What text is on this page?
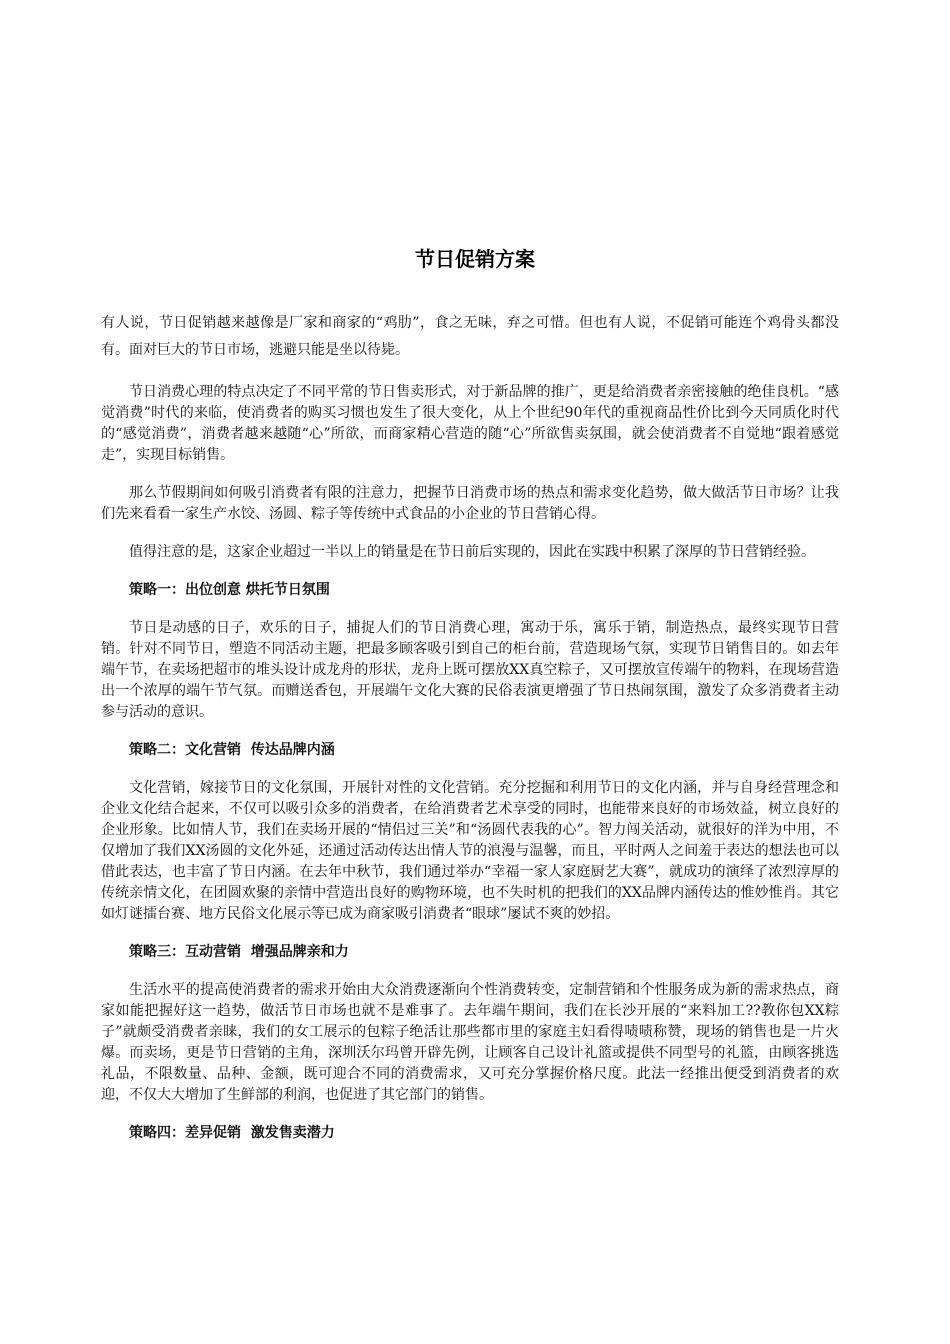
节日促销方案

有人说，节日促销越来越像是厂家和商家的“鸡肋”，食之无味，弃之可惜。但也有人说，不促销可能连个鸡骨头都没有。面对巨大的节日市场，逃避只能是坐以待毙。

节日消费心理的特点决定了不同平常的节日售卖形式，对于新品牌的推广，更是给消费者亲密接触的绝佳良机。“感觉消费”时代的来临，使消费者的购买习惯也发生了很大变化，从上个世纪90年代的重视商品性价比到今天同质化时代的“感觉消费”，消费者越来越随“心”所欲，而商家精心营造的随“心”所欲售卖氛围，就会使消费者不自觉地“跟着感觉走”，实现目标销售。

那么节假期间如何吸引消费者有限的注意力，把握节日消费市场的热点和需求变化趋势，做大做活节日市场？让我们先来看看一家生产水饺、汤圆、粽子等传统中式食品的小企业的节日营销心得。

值得注意的是，这家企业超过一半以上的销量是在节日前后实现的，因此在实践中积累了深厚的节日营销经验。

策略一：出位创意 烘托节日氛围

节日是动感的日子，欢乐的日子，捕捉人们的节日消费心理，寓动于乐，寓乐于销，制造热点，最终实现节日营销。针对不同节日，塑造不同活动主题，把最多顾客吸引到自己的柜台前，营造现场气氛，实现节日销售目的。如去年端午节，在卖场把超市的堆头设计成龙舟的形状，龙舟上既可摆放XX真空粽子，又可摆放宣传端午的物料，在现场营造出一个浓厚的端午节气氛。而赠送香包，开展端午文化大赛的民俗表演更增强了节日热闹氛围，激发了众多消费者主动参与活动的意识。

策略二：文化营销  传达品牌内涵

文化营销，嫁接节日的文化氛围，开展针对性的文化营销。充分挖掘和利用节日的文化内涵，并与自身经营理念和企业文化结合起来，不仅可以吸引众多的消费者，在给消费者艺术享受的同时，也能带来良好的市场效益，树立良好的企业形象。比如情人节，我们在卖场开展的“情侣过三关”和“汤圆代表我的心”。智力闯关活动，就很好的洋为中用，不仅增加了我们XX汤圆的文化外延，还通过活动传达出情人节的浪漫与温馨，而且，平时两人之间羞于表达的想法也可以借此表达，也丰富了节日内涵。在去年中秋节，我们通过举办“幸福一家人家庭厨艺大赛”，就成功的演绎了浓烈淳厚的传统亲情文化，在团圆欢聚的亲情中营造出良好的购物环境，也不失时机的把我们的XX品牌内涵传达的惟妙惟肖。其它如灯谜擂台赛、地方民俗文化展示等已成为商家吸引消费者“眼球”屡试不爽的妙招。

策略三：互动营销  增强品牌亲和力

生活水平的提高使消费者的需求开始由大众消费逐渐向个性消费转变，定制营销和个性服务成为新的需求热点，商家如能把握好这一趋势，做活节日市场也就不是难事了。去年端午期间，我们在长沙开展的“来料加工??教你包XX粽子”就颇受消费者亲睐，我们的女工展示的包粽子绝活让那些都市里的家庭主妇看得啧啧称赞，现场的销售也是一片火爆。而卖场，更是节日营销的主角，深圳沃尔玛曾开辟先例，让顾客自己设计礼篮或提供不同型号的礼篮，由顾客挑选礼品，不限数量、品种、金额，既可迎合不同的消费需求，又可充分掌握价格尺度。此法一经推出便受到消费者的欢迎，不仅大大增加了生鲜部的利润，也促进了其它部门的销售。

策略四：差异促销  激发售卖潜力
